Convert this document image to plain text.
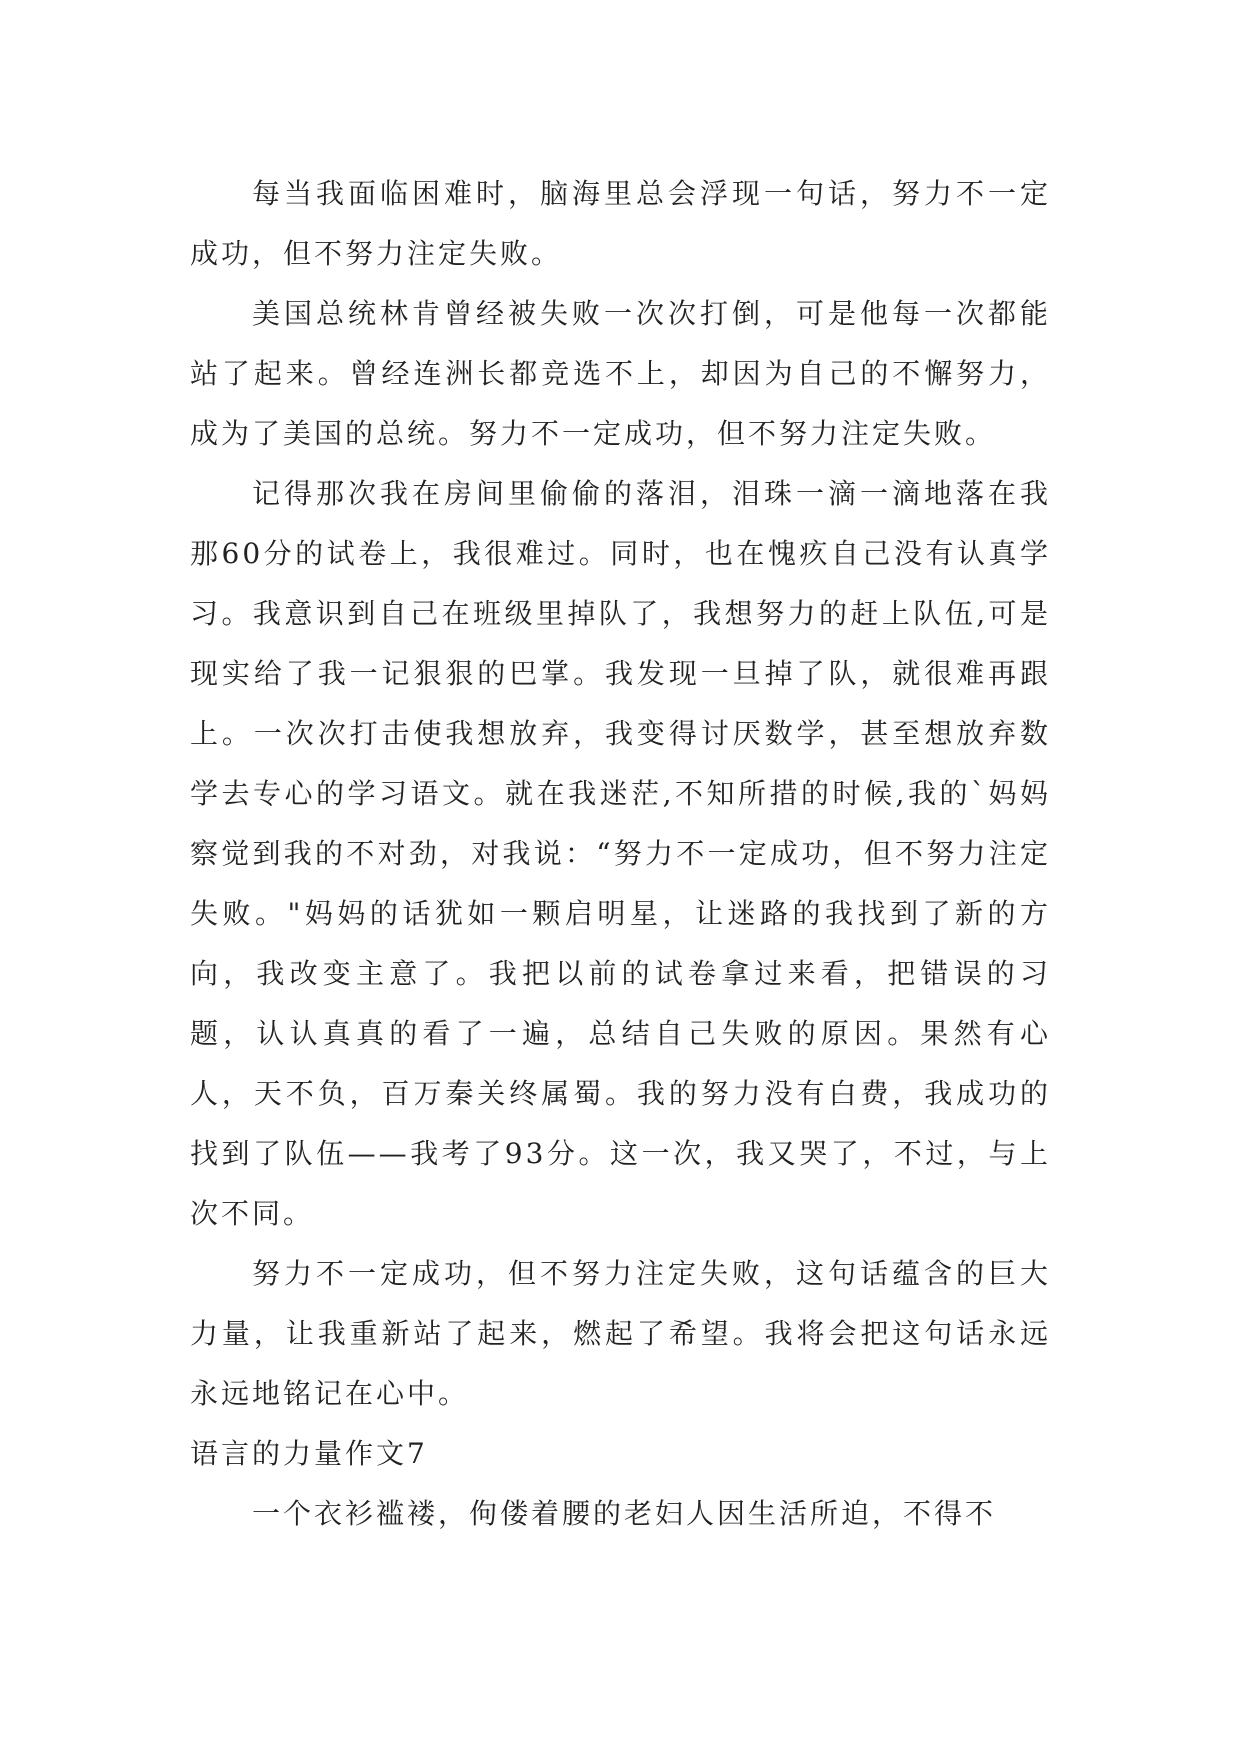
每当我面临困难时，脑海里总会浮现一句话，努力不一定成功，但不努力注定失败。

美国总统林肯曾经被失败一次次打倒，可是他每一次都能站了起来。曾经连洲长都竞选不上，却因为自己的不懈努力，成为了美国的总统。努力不一定成功，但不努力注定失败。

记得那次我在房间里偷偷的落泪，泪珠一滴一滴地落在我那60分的试卷上，我很难过。同时，也在愧疚自己没有认真学习。我意识到自己在班级里掉队了，我想努力的赶上队伍,可是现实给了我一记狠狠的巴掌。我发现一旦掉了队，就很难再跟上。一次次打击使我想放弃，我变得讨厌数学，甚至想放弃数学去专心的学习语文。就在我迷茫,不知所措的时候,我的`妈妈察觉到我的不对劲，对我说：“努力不一定成功，但不努力注定失败。"妈妈的话犹如一颗启明星，让迷路的我找到了新的方向，我改变主意了。我把以前的试卷拿过来看，把错误的习题，认认真真的看了一遍，总结自己失败的原因。果然有心人，天不负，百万秦关终属蜀。我的努力没有白费，我成功的找到了队伍——我考了93分。这一次，我又哭了，不过，与上次不同。

努力不一定成功，但不努力注定失败，这句话蕴含的巨大力量，让我重新站了起来，燃起了希望。我将会把这句话永远永远地铭记在心中。

语言的力量作文7

一个衣衫褴褛，佝偻着腰的老妇人因生活所迫，不得不
